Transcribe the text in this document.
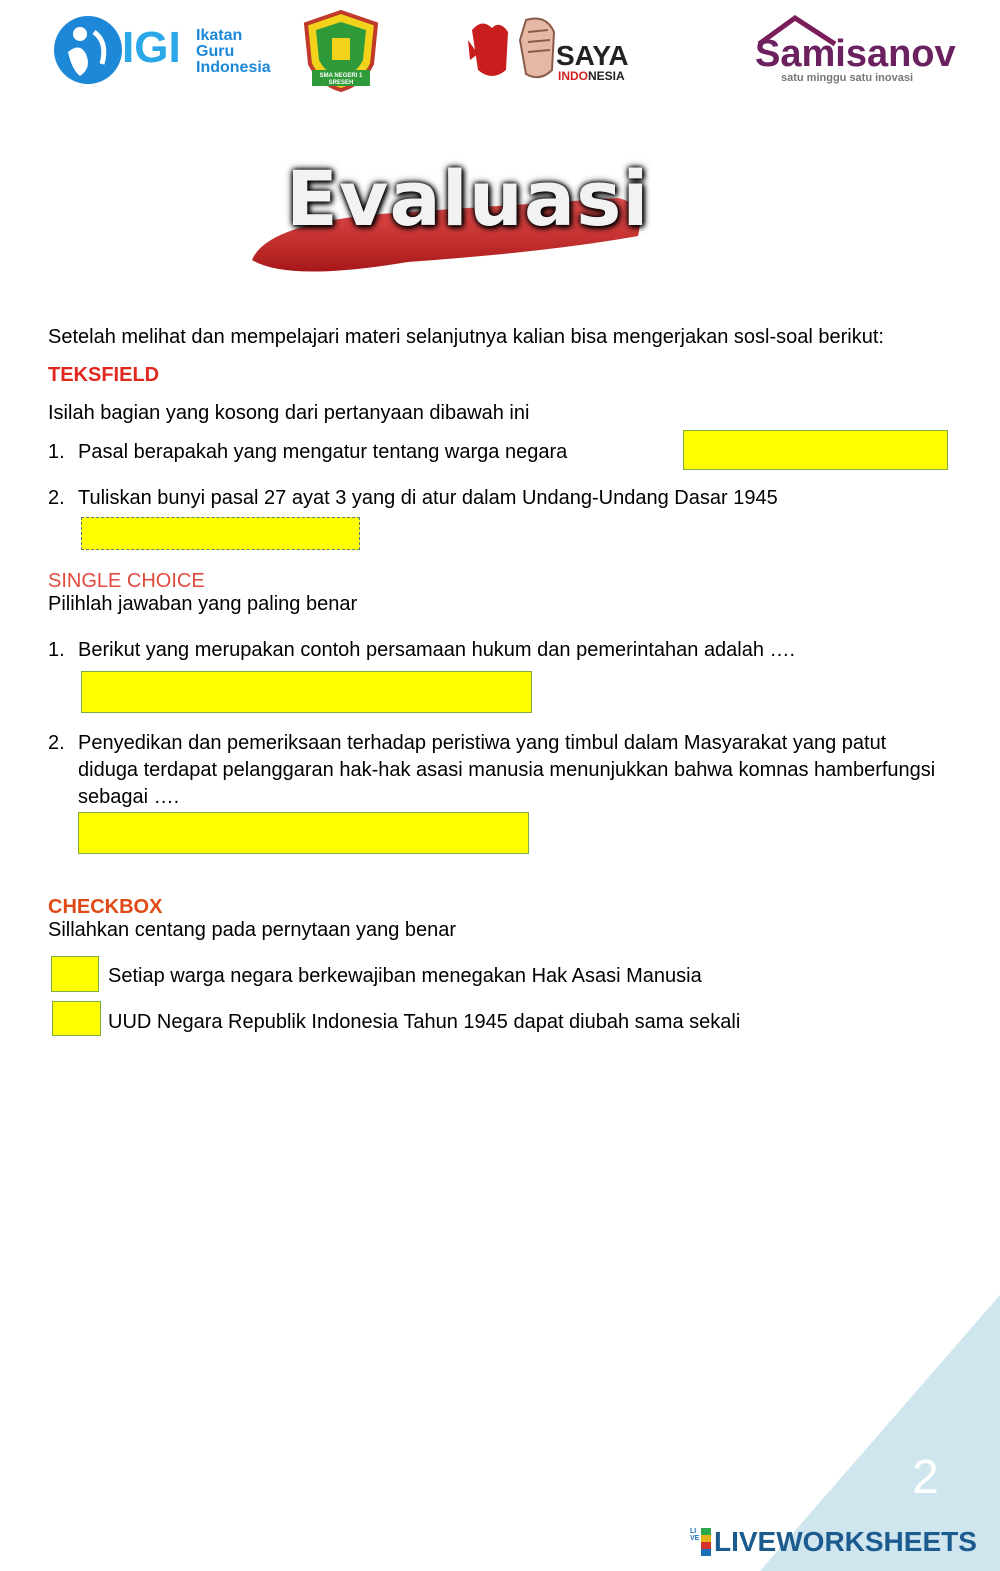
IGI Ikatan
Guru
Indonesia	SMA NEGERI 1 SRESEH
SAYA
INDONESIA
Samisanov
satu minggu satu inovasi
Evaluasi
Setelah melihat dan mempelajari materi selanjutnya kalian bisa mengerjakan sosl-soal berikut:
TEKSFIELD
Isilah bagian yang kosong dari pertanyaan dibawah ini
1. Pasal berapakah yang mengatur tentang warga negara
2. Tuliskan bunyi pasal 27 ayat 3 yang di atur dalam Undang-Undang Dasar 1945
SINGLE CHOICE
Pilihlah jawaban yang paling benar
1. Berikut yang merupakan contoh persamaan hukum dan pemerintahan adalah ….
2. Penyedikan dan pemeriksaan terhadap peristiwa yang timbul dalam Masyarakat yang patut
diduga terdapat pelanggaran hak-hak asasi manusia menunjukkan bahwa komnas hamberfungsi
sebagai ….
CHECKBOX
Sillahkan centang pada pernytaan yang benar
Setiap warga negara berkewajiban menegakan Hak Asasi Manusia
UUD Negara Republik Indonesia Tahun 1945 dapat diubah sama sekali
2
LIVE LIVEWORKSHEETS
